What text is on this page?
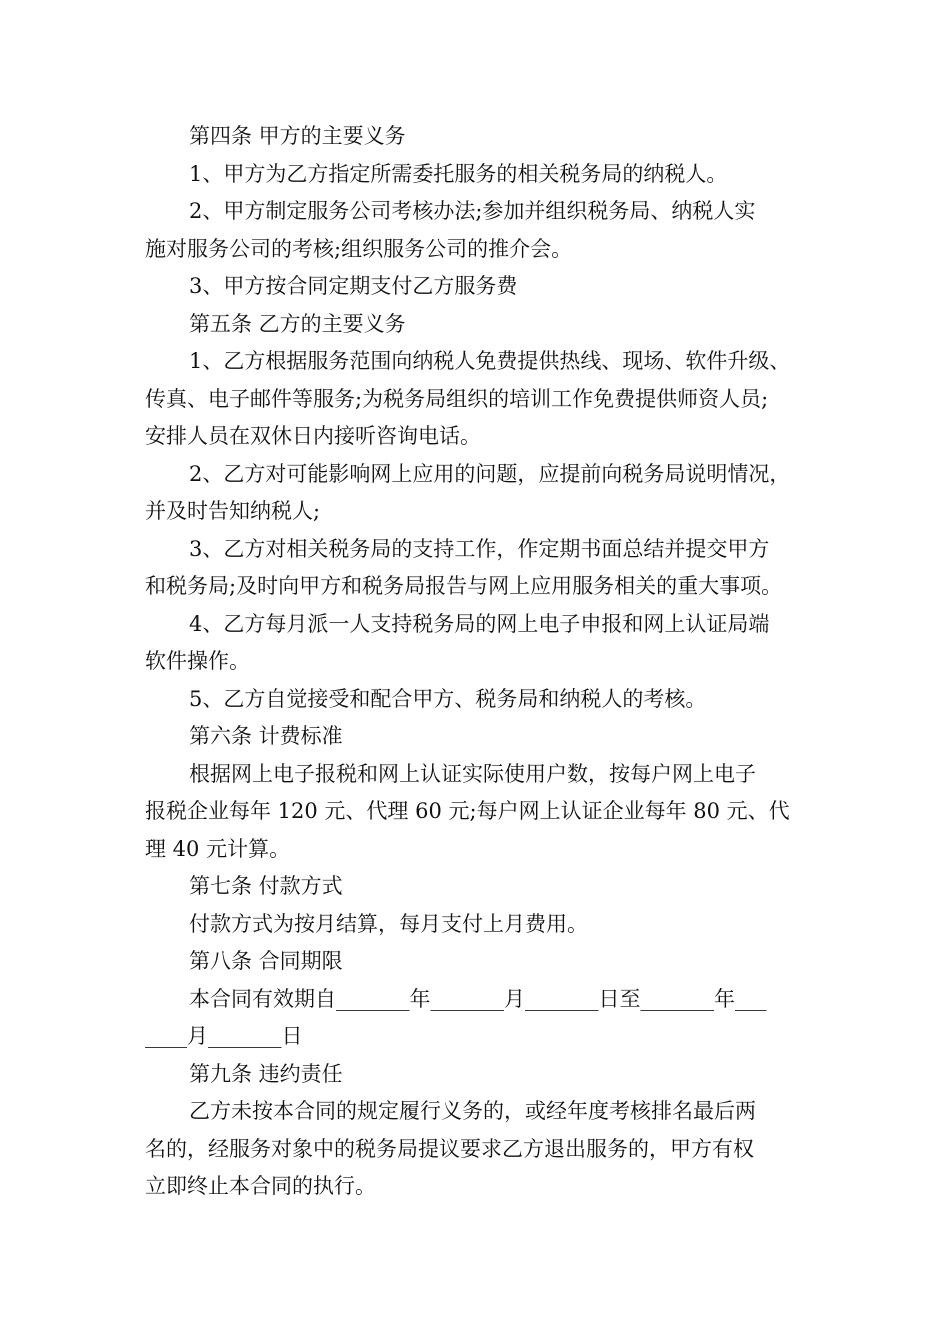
第四条 甲方的主要义务

1、甲方为乙方指定所需委托服务的相关税务局的纳税人。
2、甲方制定服务公司考核办法;参加并组织税务局、纳税人实
施对服务公司的考核;组织服务公司的推介会。
3、甲方按合同定期支付乙方服务费

第五条 乙方的主要义务

1、乙方根据服务范围向纳税人免费提供热线、现场、软件升级、
传真、电子邮件等服务;为税务局组织的培训工作免费提供师资人员;
安排人员在双休日内接听咨询电话。
2、乙方对可能影响网上应用的问题，应提前向税务局说明情况，
并及时告知纳税人;
3、乙方对相关税务局的支持工作，作定期书面总结并提交甲方
和税务局;及时向甲方和税务局报告与网上应用服务相关的重大事项。
4、乙方每月派一人支持税务局的网上电子申报和网上认证局端
软件操作。
5、乙方自觉接受和配合甲方、税务局和纳税人的考核。

第六条 计费标准

根据网上电子报税和网上认证实际使用户数，按每户网上电子
报税企业每年 120 元、代理 60 元;每户网上认证企业每年 80 元、代
理 40 元计算。

第七条 付款方式

付款方式为按月结算，每月支付上月费用。

第八条 合同期限

本合同有效期自_______年_______月_______日至_______年___
____月_______日

第九条 违约责任

乙方未按本合同的规定履行义务的，或经年度考核排名最后两
名的，经服务对象中的税务局提议要求乙方退出服务的，甲方有权
立即终止本合同的执行。
